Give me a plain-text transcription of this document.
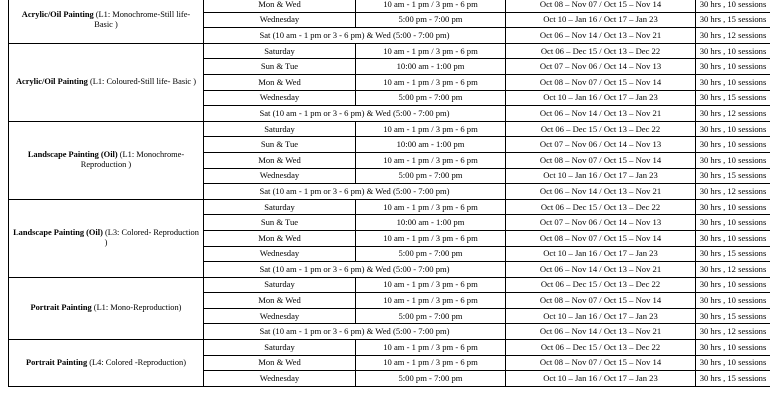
Acrylic/Oil Painting (L1: Monochrome-Still life- Basic )	Mon & Wed	10 am - 1 pm / 3 pm - 6 pm	Oct 08 – Nov 07 / Oct 15 – Nov 14	30 hrs , 10 sessions
	Wednesday	5:00 pm - 7:00 pm	Oct 10 – Jan 16 / Oct 17 – Jan 23	30 hrs , 15 sessions
	Sat (10 am - 1 pm or 3 - 6 pm) & Wed (5:00 - 7:00 pm)		Oct 06 – Nov 14 / Oct 13 – Nov 21	30 hrs , 12 sessions
Acrylic/Oil Painting (L1: Coloured-Still life- Basic )	Saturday	10 am - 1 pm / 3 pm - 6 pm	Oct 06 – Dec 15 / Oct 13 – Dec 22	30 hrs , 10 sessions
	Sun & Tue	10:00 am - 1:00 pm	Oct 07 – Nov 06 / Oct 14 – Nov 13	30 hrs , 10 sessions
	Mon & Wed	10 am - 1 pm / 3 pm - 6 pm	Oct 08 – Nov 07 / Oct 15 – Nov 14	30 hrs , 10 sessions
	Wednesday	5:00 pm - 7:00 pm	Oct 10 – Jan 16 / Oct 17 – Jan 23	30 hrs , 15 sessions
	Sat (10 am - 1 pm or 3 - 6 pm) & Wed (5:00 - 7:00 pm)		Oct 06 – Nov 14 / Oct 13 – Nov 21	30 hrs , 12 sessions
Landscape Painting (Oil) (L1: Monochrome- Reproduction )	Saturday	10 am - 1 pm / 3 pm - 6 pm	Oct 06 – Dec 15 / Oct 13 – Dec 22	30 hrs , 10 sessions
	Sun & Tue	10:00 am - 1:00 pm	Oct 07 – Nov 06 / Oct 14 – Nov 13	30 hrs , 10 sessions
	Mon & Wed	10 am - 1 pm / 3 pm - 6 pm	Oct 08 – Nov 07 / Oct 15 – Nov 14	30 hrs , 10 sessions
	Wednesday	5:00 pm - 7:00 pm	Oct 10 – Jan 16 / Oct 17 – Jan 23	30 hrs , 15 sessions
	Sat (10 am - 1 pm or 3 - 6 pm) & Wed (5:00 - 7:00 pm)		Oct 06 – Nov 14 / Oct 13 – Nov 21	30 hrs , 12 sessions
Landscape Painting (Oil) (L3: Colored- Reproduction )	Saturday	10 am - 1 pm / 3 pm - 6 pm	Oct 06 – Dec 15 / Oct 13 – Dec 22	30 hrs , 10 sessions
	Sun & Tue	10:00 am - 1:00 pm	Oct 07 – Nov 06 / Oct 14 – Nov 13	30 hrs , 10 sessions
	Mon & Wed	10 am - 1 pm / 3 pm - 6 pm	Oct 08 – Nov 07 / Oct 15 – Nov 14	30 hrs , 10 sessions
	Wednesday	5:00 pm - 7:00 pm	Oct 10 – Jan 16 / Oct 17 – Jan 23	30 hrs , 15 sessions
	Sat (10 am - 1 pm or 3 - 6 pm) & Wed (5:00 - 7:00 pm)		Oct 06 – Nov 14 / Oct 13 – Nov 21	30 hrs , 12 sessions
Portrait Painting (L1: Mono-Reproduction)	Saturday	10 am - 1 pm / 3 pm - 6 pm	Oct 06 – Dec 15 / Oct 13 – Dec 22	30 hrs , 10 sessions
	Mon & Wed	10 am - 1 pm / 3 pm - 6 pm	Oct 08 – Nov 07 / Oct 15 – Nov 14	30 hrs , 10 sessions
	Wednesday	5:00 pm - 7:00 pm	Oct 10 – Jan 16 / Oct 17 – Jan 23	30 hrs , 15 sessions
	Sat (10 am - 1 pm or 3 - 6 pm) & Wed (5:00 - 7:00 pm)		Oct 06 – Nov 14 / Oct 13 – Nov 21	30 hrs , 12 sessions
Portrait Painting (L4: Colored -Reproduction)	Saturday	10 am - 1 pm / 3 pm - 6 pm	Oct 06 – Dec 15 / Oct 13 – Dec 22	30 hrs , 10 sessions
	Mon & Wed	10 am - 1 pm / 3 pm - 6 pm	Oct 08 – Nov 07 / Oct 15 – Nov 14	30 hrs , 10 sessions
	Wednesday	5:00 pm - 7:00 pm	Oct 10 – Jan 16 / Oct 17 – Jan 23	30 hrs , 15 sessions
